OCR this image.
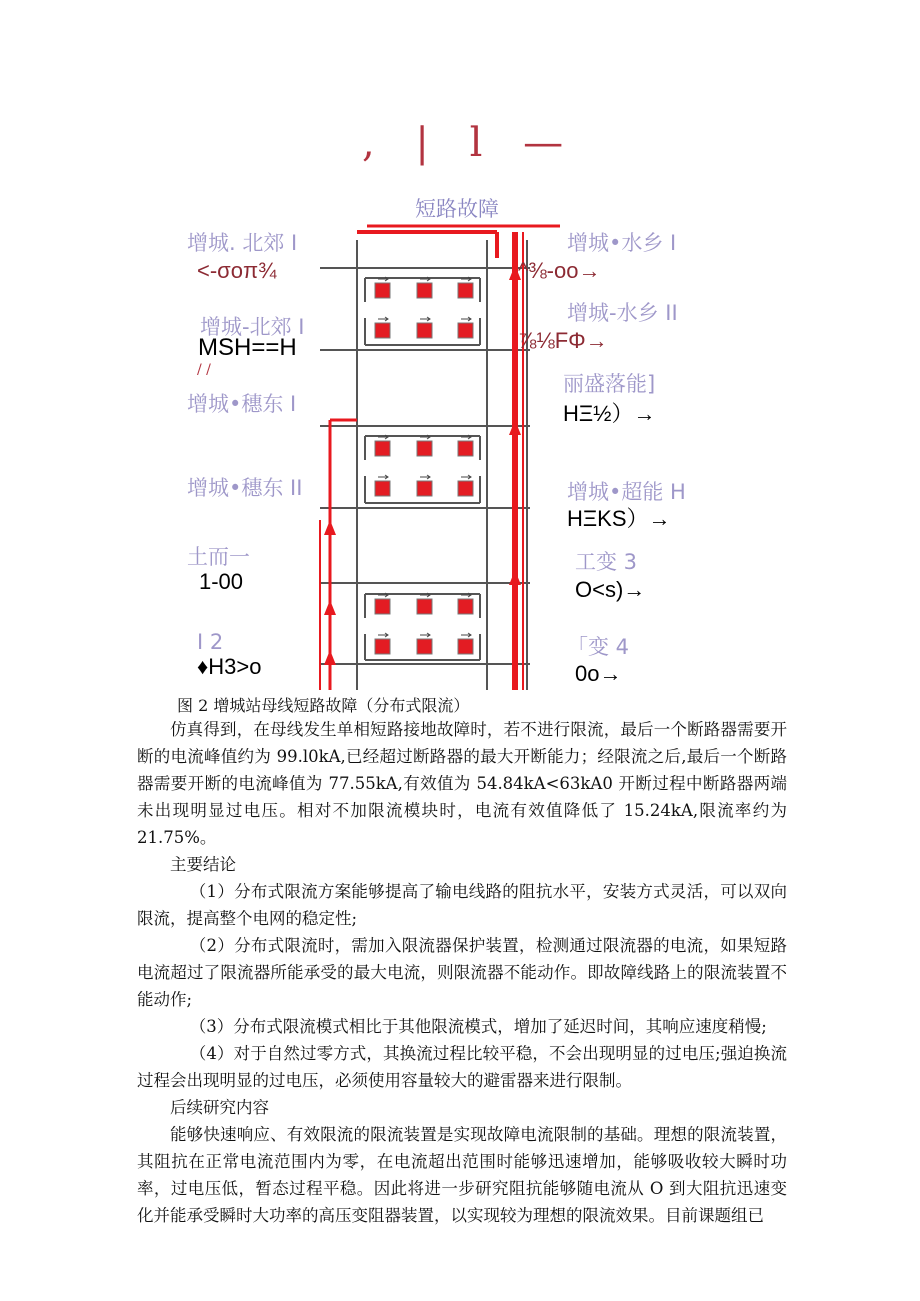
, | l —
短路故障
增城. 北郊 I
<-σoπ¾
增城-北郊 I
MSH==H
/ /
增城•穗东 I
增城•穗东 II
土而一
1-00
I 2
♦H3>o
增城•水乡 I
^⅜-oo→
增城-水乡 II
⅞⅛FΦ→
丽盛落能]
HΞ½）→
增城•超能 H
HΞKS）→
工变 3
O<s)→
「变 4
0o→
图 2 增城站母线短路故障（分布式限流）

仿真得到，在母线发生单相短路接地故障时，若不进行限流，最后一个断路器需要开断的电流峰值约为 99.l0kA,已经超过断路器的最大开断能力；经限流之后,最后一个断路器需要开断的电流峰值为 77.55kA,有效值为 54.84kA<63kA0 开断过程中断路器两端未出现明显过电压。相对不加限流模块时，电流有效值降低了 15.24kA,限流率约为 21.75%。

主要结论

（1）分布式限流方案能够提高了输电线路的阻抗水平，安装方式灵活，可以双向限流，提高整个电网的稳定性;

（2）分布式限流时，需加入限流器保护装置，检测通过限流器的电流，如果短路电流超过了限流器所能承受的最大电流，则限流器不能动作。即故障线路上的限流装置不能动作;

（3）分布式限流模式相比于其他限流模式，增加了延迟时间，其响应速度稍慢;

（4）对于自然过零方式，其换流过程比较平稳，不会出现明显的过电压;强迫换流过程会出现明显的过电压，必须使用容量较大的避雷器来进行限制。

后续研究内容

能够快速响应、有效限流的限流装置是实现故障电流限制的基础。理想的限流装置，其阻抗在正常电流范围内为零，在电流超出范围时能够迅速增加，能够吸收较大瞬时功率，过电压低，暂态过程平稳。因此将进一步研究阻抗能够随电流从 O 到大阻抗迅速变化并能承受瞬时大功率的高压变阻器装置，以实现较为理想的限流效果。目前课题组已
